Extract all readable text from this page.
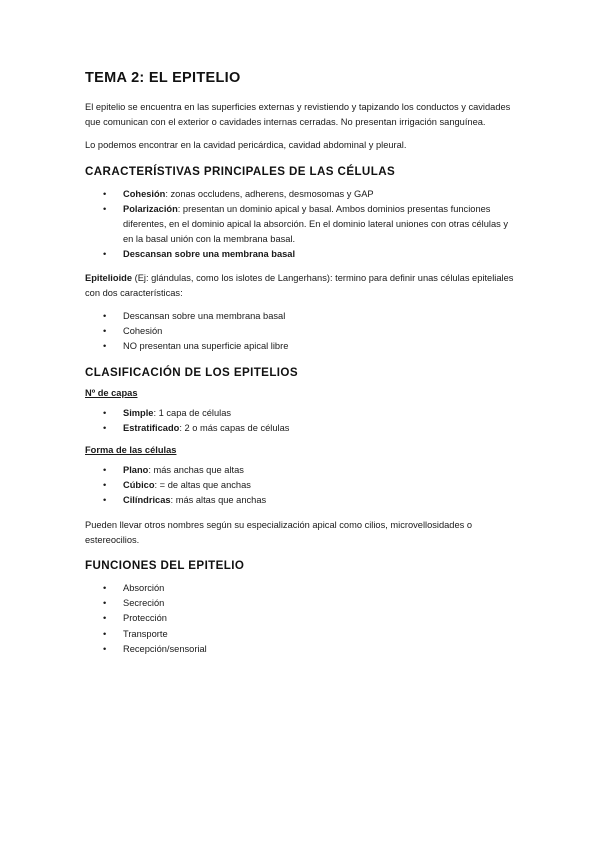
TEMA 2: EL EPITELIO

El epitelio se encuentra en las superficies externas y revistiendo y tapizando los conductos y cavidades que comunican con el exterior o cavidades internas cerradas. No presentan irrigación sanguínea.

Lo podemos encontrar en la cavidad pericárdica, cavidad abdominal y pleural.

CARACTERÍSTIVAS PRINCIPALES DE LAS CÉLULAS
• Cohesión: zonas occludens, adherens, desmosomas y GAP
• Polarización: presentan un dominio apical y basal. Ambos dominios presentas funciones diferentes, en el dominio apical la absorción. En el dominio lateral uniones con otras células y en la basal unión con la membrana basal.
• Descansan sobre una membrana basal

Epitelioide (Ej: glándulas, como los islotes de Langerhans): termino para definir unas células epiteliales con dos características:

• Descansan sobre una membrana basal
• Cohesión
• NO presentan una superficie apical libre
CLASIFICACIÓN DE LOS EPITELIOS
Nº de capas
• Simple: 1 capa de células
• Estratificado: 2 o más capas de células
Forma de las células
• Plano: más anchas que altas
• Cúbico: = de altas que anchas
• Cilíndricas: más altas que anchas

Pueden llevar otros nombres según su especialización apical como cilios, microvellosidades o estereocilios.

FUNCIONES DEL EPITELIO
• Absorción
• Secreción
• Protección
• Transporte
• Recepción/sensorial
